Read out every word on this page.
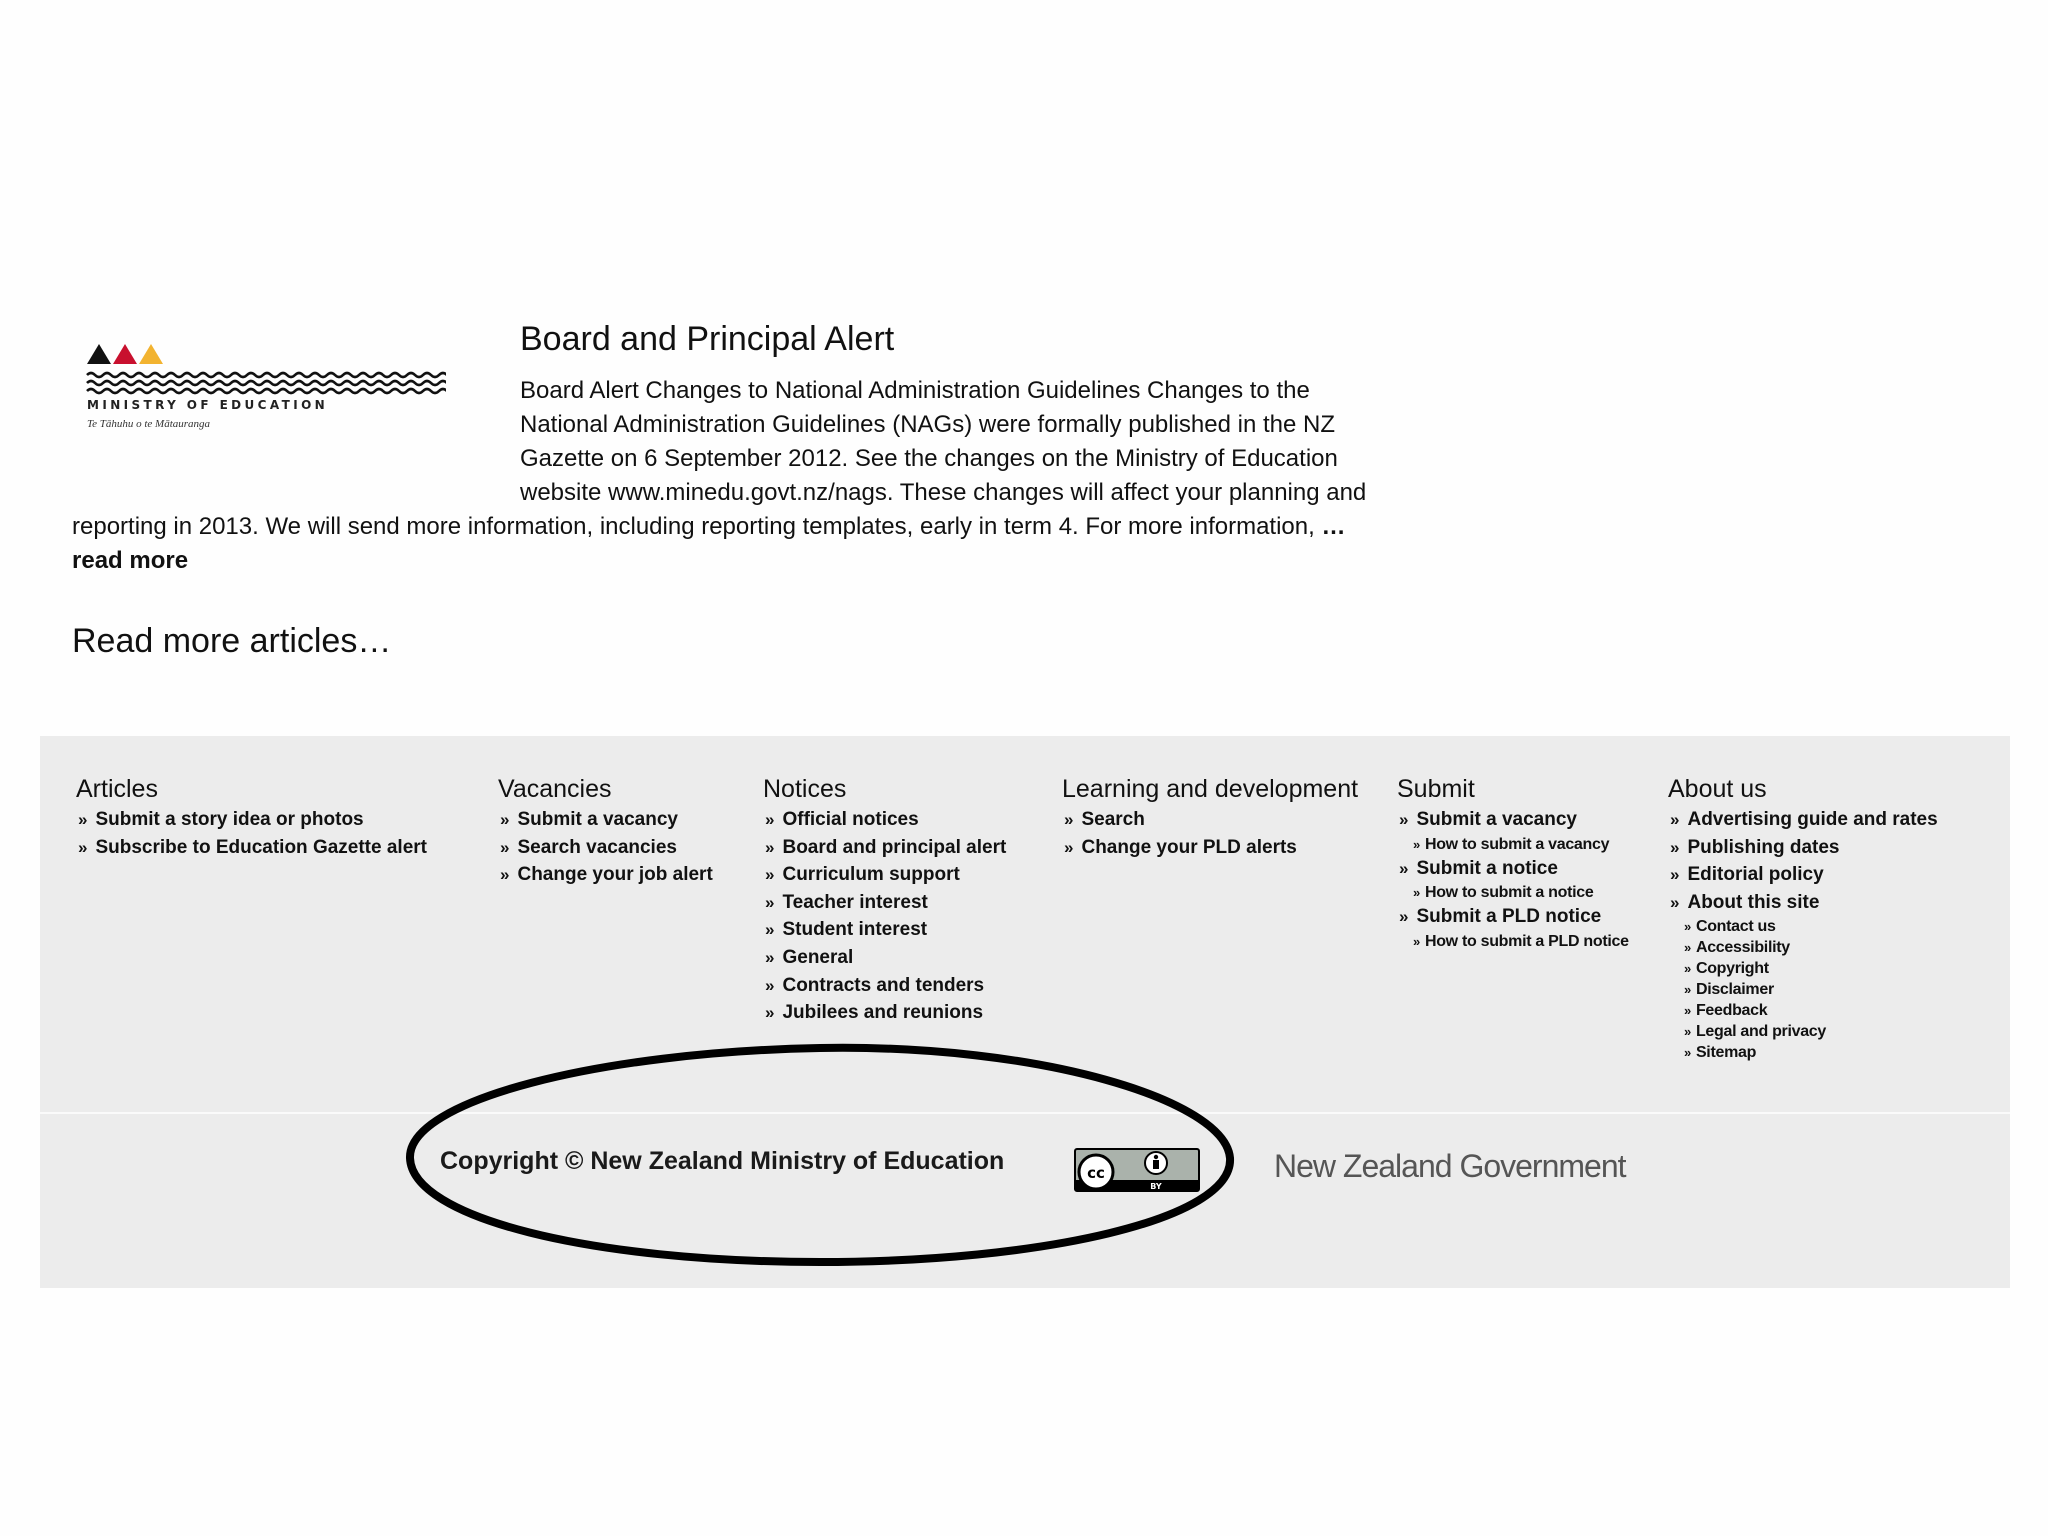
MINISTRY OF EDUCATION
Te Tāhuhu o te Mātauranga
Board and Principal Alert

Board Alert Changes to National Administration Guidelines Changes to the National Administration Guidelines (NAGs) were formally published in the NZ Gazette on 6 September 2012. See the changes on the Ministry of Education website www.minedu.govt.nz/nags. These changes will affect your planning and reporting in 2013. We will send more information, including reporting templates, early in term 4. For more information, …read more

Read more articles…
Articles
» Submit a story idea or photos
» Subscribe to Education Gazette alert
Vacancies
» Submit a vacancy
» Search vacancies
» Change your job alert
Notices
» Official notices
» Board and principal alert
» Curriculum support
» Teacher interest
» Student interest
» General
» Contracts and tenders
» Jubilees and reunions
Learning and development
» Search
» Change your PLD alerts
Submit
» Submit a vacancy
» How to submit a vacancy
» Submit a notice
» How to submit a notice
» Submit a PLD notice
» How to submit a PLD notice
About us
» Advertising guide and rates
» Publishing dates
» Editorial policy
» About this site
» Contact us
» Accessibility
» Copyright
» Disclaimer
» Feedback
» Legal and privacy
» Sitemap
Copyright © New Zealand Ministry of Education	cc
BY
New Zealand Government
